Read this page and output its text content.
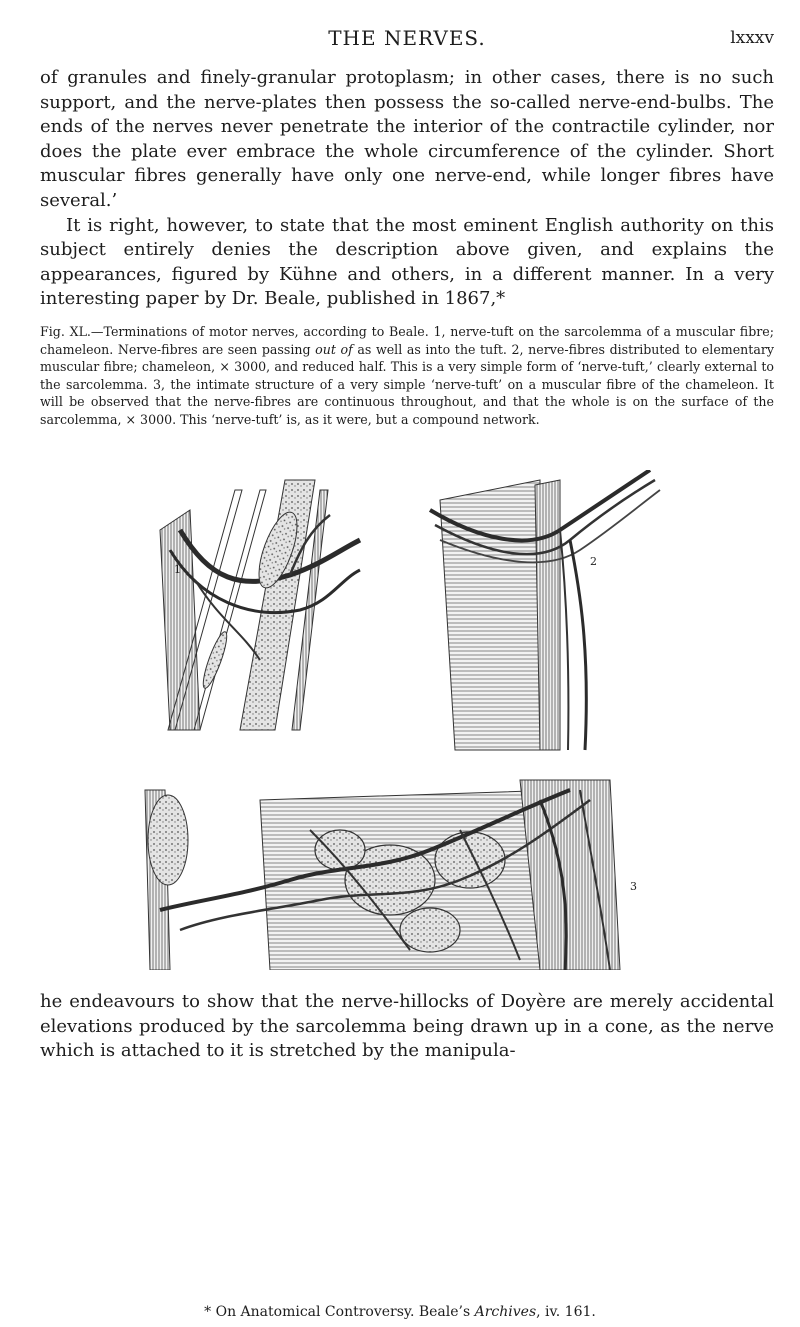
THE NERVES.	lxxxv

of granules and finely-granular protoplasm; in other cases, there is no such support, and the nerve-plates then possess the so-called nerve-end-bulbs. The ends of the nerves never penetrate the interior of the contractile cylinder, nor does the plate ever embrace the whole circumference of the cylinder. Short muscular fibres generally have only one nerve-end, while longer fibres have several.’

It is right, however, to state that the most eminent English authority on this subject entirely denies the description above given, and explains the appearances, figured by Kühne and others, in a different manner. In a very interesting paper by Dr. Beale, published in 1867,*

Fig. XL.—Terminations of motor nerves, according to Beale. 1, nerve-tuft on the sarcolemma of a muscular fibre; chameleon. Nerve-fibres are seen passing out of as well as into the tuft. 2, nerve-fibres distributed to elementary muscular fibre; chameleon, × 3000, and reduced half. This is a very simple form of ‘nerve-tuft,’ clearly external to the sarcolemma. 3, the intimate structure of a very simple ‘nerve-tuft’ on a muscular fibre of the chameleon. It will be observed that the nerve-fibres are continuous throughout, and that the whole is on the surface of the sarcolemma, × 3000. This ‘nerve-tuft’ is, as it were, but a compound network.
1
2
3

he endeavours to show that the nerve-hillocks of Doyère are merely accidental elevations produced by the sarcolemma being drawn up in a cone, as the nerve which is attached to it is stretched by the manipula-

* On Anatomical Controversy. Beale’s Archives, iv. 161.
